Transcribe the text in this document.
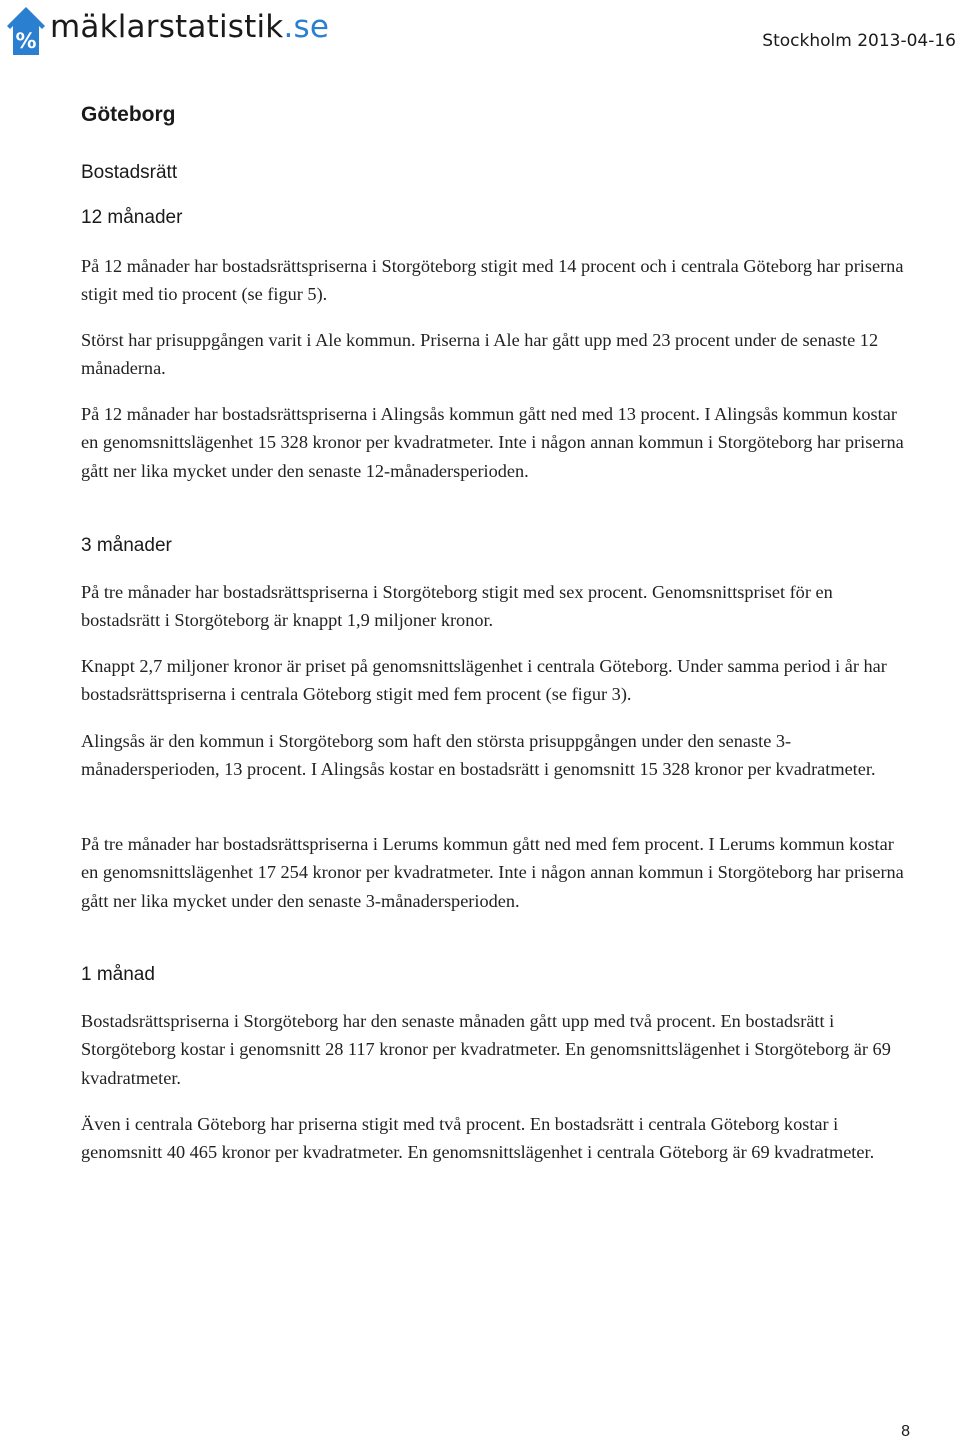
% mäklarstatistik.se	Stockholm 2013-04-16
Göteborg
Bostadsrätt
12 månader

På 12 månader har bostadsrättspriserna i Storgöteborg stigit med 14 procent och i centrala Göteborg har priserna stigit med tio procent (se figur 5).

Störst har prisuppgången varit i Ale kommun. Priserna i Ale har gått upp med 23 procent under de senaste 12 månaderna.

På 12 månader har bostadsrättspriserna i Alingsås kommun gått ned med 13 procent. I Alingsås kommun kostar en genomsnittslägenhet 15 328 kronor per kvadratmeter. Inte i någon annan kommun i Storgöteborg har priserna gått ner lika mycket under den senaste 12-månadersperioden.

3 månader

På tre månader har bostadsrättspriserna i Storgöteborg stigit med sex procent. Genomsnittspriset för en bostadsrätt i Storgöteborg är knappt 1,9 miljoner kronor.

Knappt 2,7 miljoner kronor är priset på genomsnittslägenhet i centrala Göteborg. Under samma period i år har bostadsrättspriserna i centrala Göteborg stigit med fem procent (se figur 3).

Alingsås är den kommun i Storgöteborg som haft den största prisuppgången under den senaste 3-månadersperioden, 13 procent. I Alingsås kostar en bostadsrätt i genomsnitt 15 328 kronor per kvadratmeter.

På tre månader har bostadsrättspriserna i Lerums kommun gått ned med fem procent. I Lerums kommun kostar en genomsnittslägenhet 17 254 kronor per kvadratmeter. Inte i någon annan kommun i Storgöteborg har priserna gått ner lika mycket under den senaste 3-månadersperioden.

1 månad

Bostadsrättspriserna i Storgöteborg har den senaste månaden gått upp med två procent. En bostadsrätt i Storgöteborg kostar i genomsnitt 28 117 kronor per kvadratmeter. En genomsnittslägenhet i Storgöteborg är 69 kvadratmeter.

Även i centrala Göteborg har priserna stigit med två procent. En bostadsrätt i centrala Göteborg kostar i genomsnitt 40 465 kronor per kvadratmeter. En genomsnittslägenhet i centrala Göteborg är 69 kvadratmeter.

8
